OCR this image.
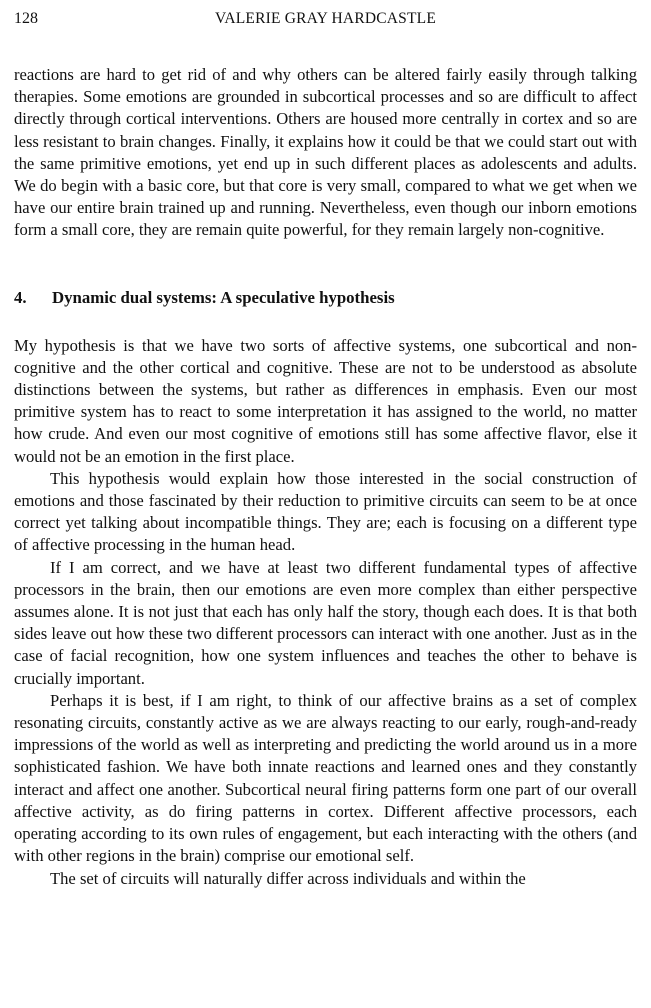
128	VALERIE GRAY HARDCASTLE

reactions are hard to get rid of and why others can be altered fairly easily through talking therapies. Some emotions are grounded in subcortical processes and so are difficult to affect directly through cortical interventions. Others are housed more centrally in cortex and so are less resistant to brain changes. Finally, it explains how it could be that we could start out with the same primitive emotions, yet end up in such different places as adolescents and adults. We do begin with a basic core, but that core is very small, compared to what we get when we have our entire brain trained up and running. Nevertheless, even though our inborn emotions form a small core, they are remain quite powerful, for they remain largely non-cognitive.

4. Dynamic dual systems: A speculative hypothesis

My hypothesis is that we have two sorts of affective systems, one subcortical and non-cognitive and the other cortical and cognitive. These are not to be understood as absolute distinctions between the systems, but rather as differences in emphasis. Even our most primitive system has to react to some interpretation it has assigned to the world, no matter how crude. And even our most cognitive of emotions still has some affective flavor, else it would not be an emotion in the first place.

This hypothesis would explain how those interested in the social construction of emotions and those fascinated by their reduction to primitive circuits can seem to be at once correct yet talking about incompatible things. They are; each is focusing on a different type of affective processing in the human head.

If I am correct, and we have at least two different fundamental types of affective processors in the brain, then our emotions are even more complex than either perspective assumes alone. It is not just that each has only half the story, though each does. It is that both sides leave out how these two different processors can interact with one another. Just as in the case of facial recognition, how one system influences and teaches the other to behave is crucially important.

Perhaps it is best, if I am right, to think of our affective brains as a set of complex resonating circuits, constantly active as we are always reacting to our early, rough-and-ready impressions of the world as well as interpreting and predicting the world around us in a more sophisticated fashion. We have both innate reactions and learned ones and they constantly interact and affect one another. Subcortical neural firing patterns form one part of our overall affective activity, as do firing patterns in cortex. Different affective processors, each operating according to its own rules of engagement, but each interacting with the others (and with other regions in the brain) comprise our emotional self.

The set of circuits will naturally differ across individuals and within the
